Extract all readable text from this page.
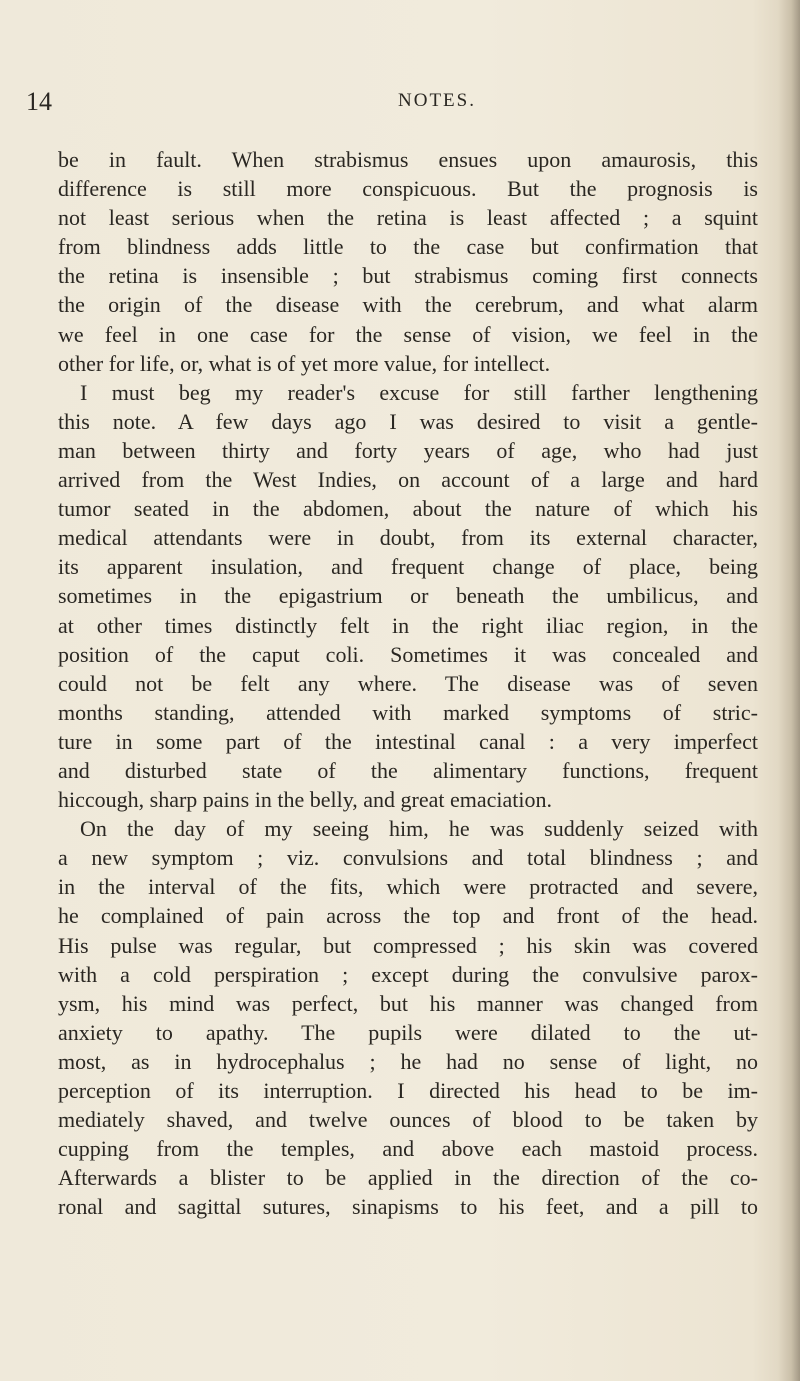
14	NOTES.
be in fault. When strabismus ensues upon amaurosis, this
difference is still more conspicuous. But the prognosis is
not least serious when the retina is least affected ; a squint
from blindness adds little to the case but confirmation that
the retina is insensible ; but strabismus coming first connects
the origin of the disease with the cerebrum, and what alarm
we feel in one case for the sense of vision, we feel in the
other for life, or, what is of yet more value, for intellect.
I must beg my reader's excuse for still farther lengthening
this note. A few days ago I was desired to visit a gentle-
man between thirty and forty years of age, who had just
arrived from the West Indies, on account of a large and hard
tumor seated in the abdomen, about the nature of which his
medical attendants were in doubt, from its external character,
its apparent insulation, and frequent change of place, being
sometimes in the epigastrium or beneath the umbilicus, and
at other times distinctly felt in the right iliac region, in the
position of the caput coli. Sometimes it was concealed and
could not be felt any where. The disease was of seven
months standing, attended with marked symptoms of stric-
ture in some part of the intestinal canal : a very imperfect
and disturbed state of the alimentary functions, frequent
hiccough, sharp pains in the belly, and great emaciation.
On the day of my seeing him, he was suddenly seized with
a new symptom ; viz. convulsions and total blindness ; and
in the interval of the fits, which were protracted and severe,
he complained of pain across the top and front of the head.
His pulse was regular, but compressed ; his skin was covered
with a cold perspiration ; except during the convulsive parox-
ysm, his mind was perfect, but his manner was changed from
anxiety to apathy. The pupils were dilated to the ut-
most, as in hydrocephalus ; he had no sense of light, no
perception of its interruption. I directed his head to be im-
mediately shaved, and twelve ounces of blood to be taken by
cupping from the temples, and above each mastoid process.
Afterwards a blister to be applied in the direction of the co-
ronal and sagittal sutures, sinapisms to his feet, and a pill to
